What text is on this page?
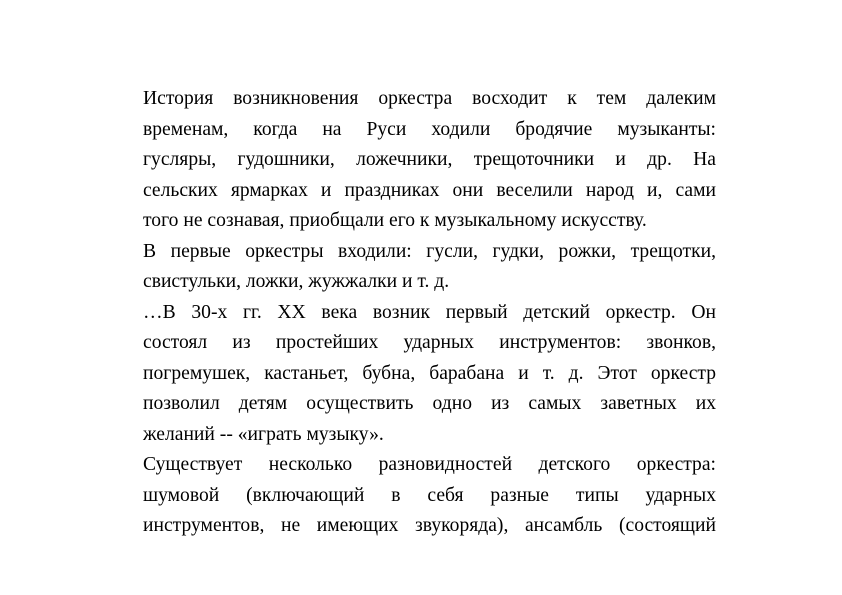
История возникновения оркестра восходит к тем далеким
временам, когда на Руси ходили бродячие музыканты:
гусляры, гудошники, ложечники, трещоточники и др. На
сельских ярмарках и праздниках они веселили народ и, сами
того не сознавая, приобщали его к музыкальному искусству.
В первые оркестры входили: гусли, гудки, рожки, трещотки,
свистульки, ложки, жужжалки и т. д.
…В 30-х гг. XX века возник первый детский оркестр. Он
состоял из простейших ударных инструментов: звонков,
погремушек, кастаньет, бубна, барабана и т. д. Этот оркестр
позволил детям осуществить одно из самых заветных их
желаний -- «играть музыку».
Существует несколько разновидностей детского оркестра:
шумовой (включающий в себя разные типы ударных
инструментов, не имеющих звукоряда), ансамбль (состоящий
